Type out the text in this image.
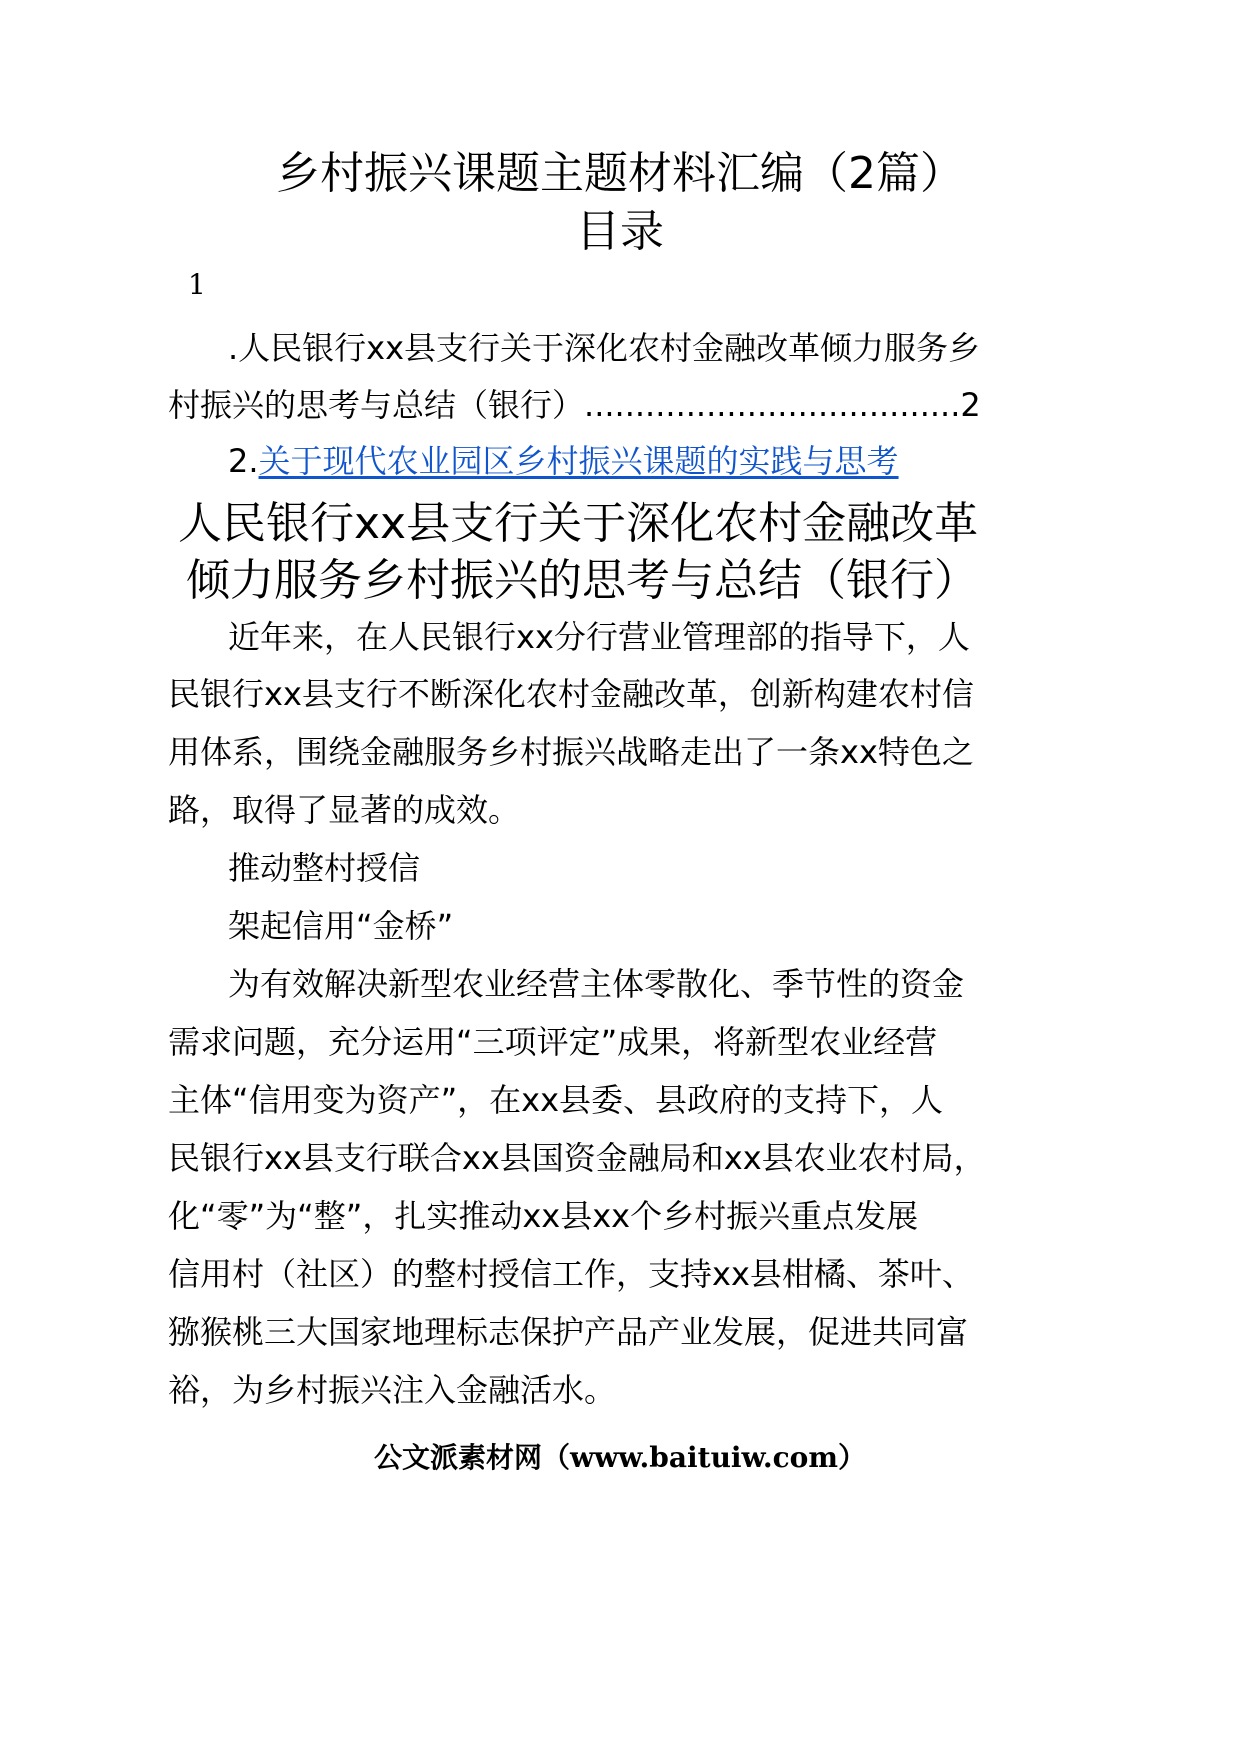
乡村振兴课题主题材料汇编（2篇）
目录
1
.人民银行xx县支行关于深化农村金融改革倾力服务乡
村振兴的思考与总结（银行）.....................................2
2.关于现代农业园区乡村振兴课题的实践与思考
人民银行xx县支行关于深化农村金融改革
倾力服务乡村振兴的思考与总结（银行）
近年来，在人民银行xx分行营业管理部的指导下，人
民银行xx县支行不断深化农村金融改革，创新构建农村信
用体系，围绕金融服务乡村振兴战略走出了一条xx特色之
路，取得了显著的成效。
推动整村授信
架起信用“金桥”
为有效解决新型农业经营主体零散化、季节性的资金
需求问题，充分运用“三项评定”成果，将新型农业经营
主体“信用变为资产”，在xx县委、县政府的支持下，人
民银行xx县支行联合xx县国资金融局和xx县农业农村局，
化“零”为“整”，扎实推动xx县xx个乡村振兴重点发展
信用村（社区）的整村授信工作，支持xx县柑橘、茶叶、
猕猴桃三大国家地理标志保护产品产业发展，促进共同富
裕，为乡村振兴注入金融活水。
公文派素材网（www.baituiw.com）
